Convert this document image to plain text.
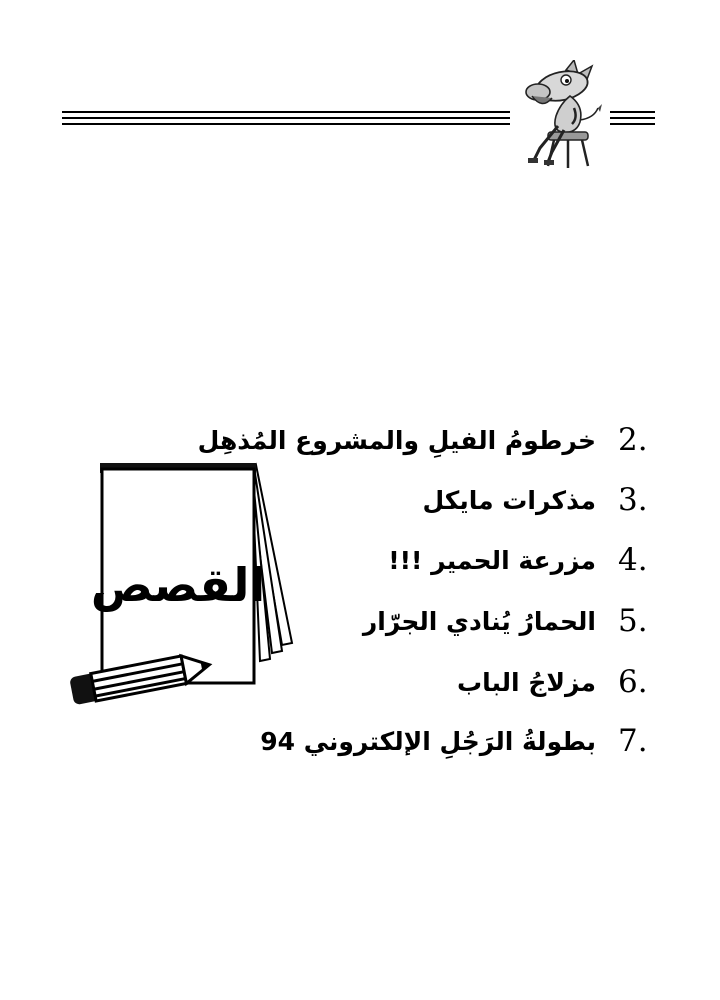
القصص
خرطومُ الفيلِ والمشروع المُذهِل 2.
مذكرات مايكل 3.
مزرعة الحمير !!! 4.
الحمارُ يُنادي الجرّار 5.
مزلاجُ الباب 6.
بطولةُ الرَجُلِ الإلكتروني 94 7.
